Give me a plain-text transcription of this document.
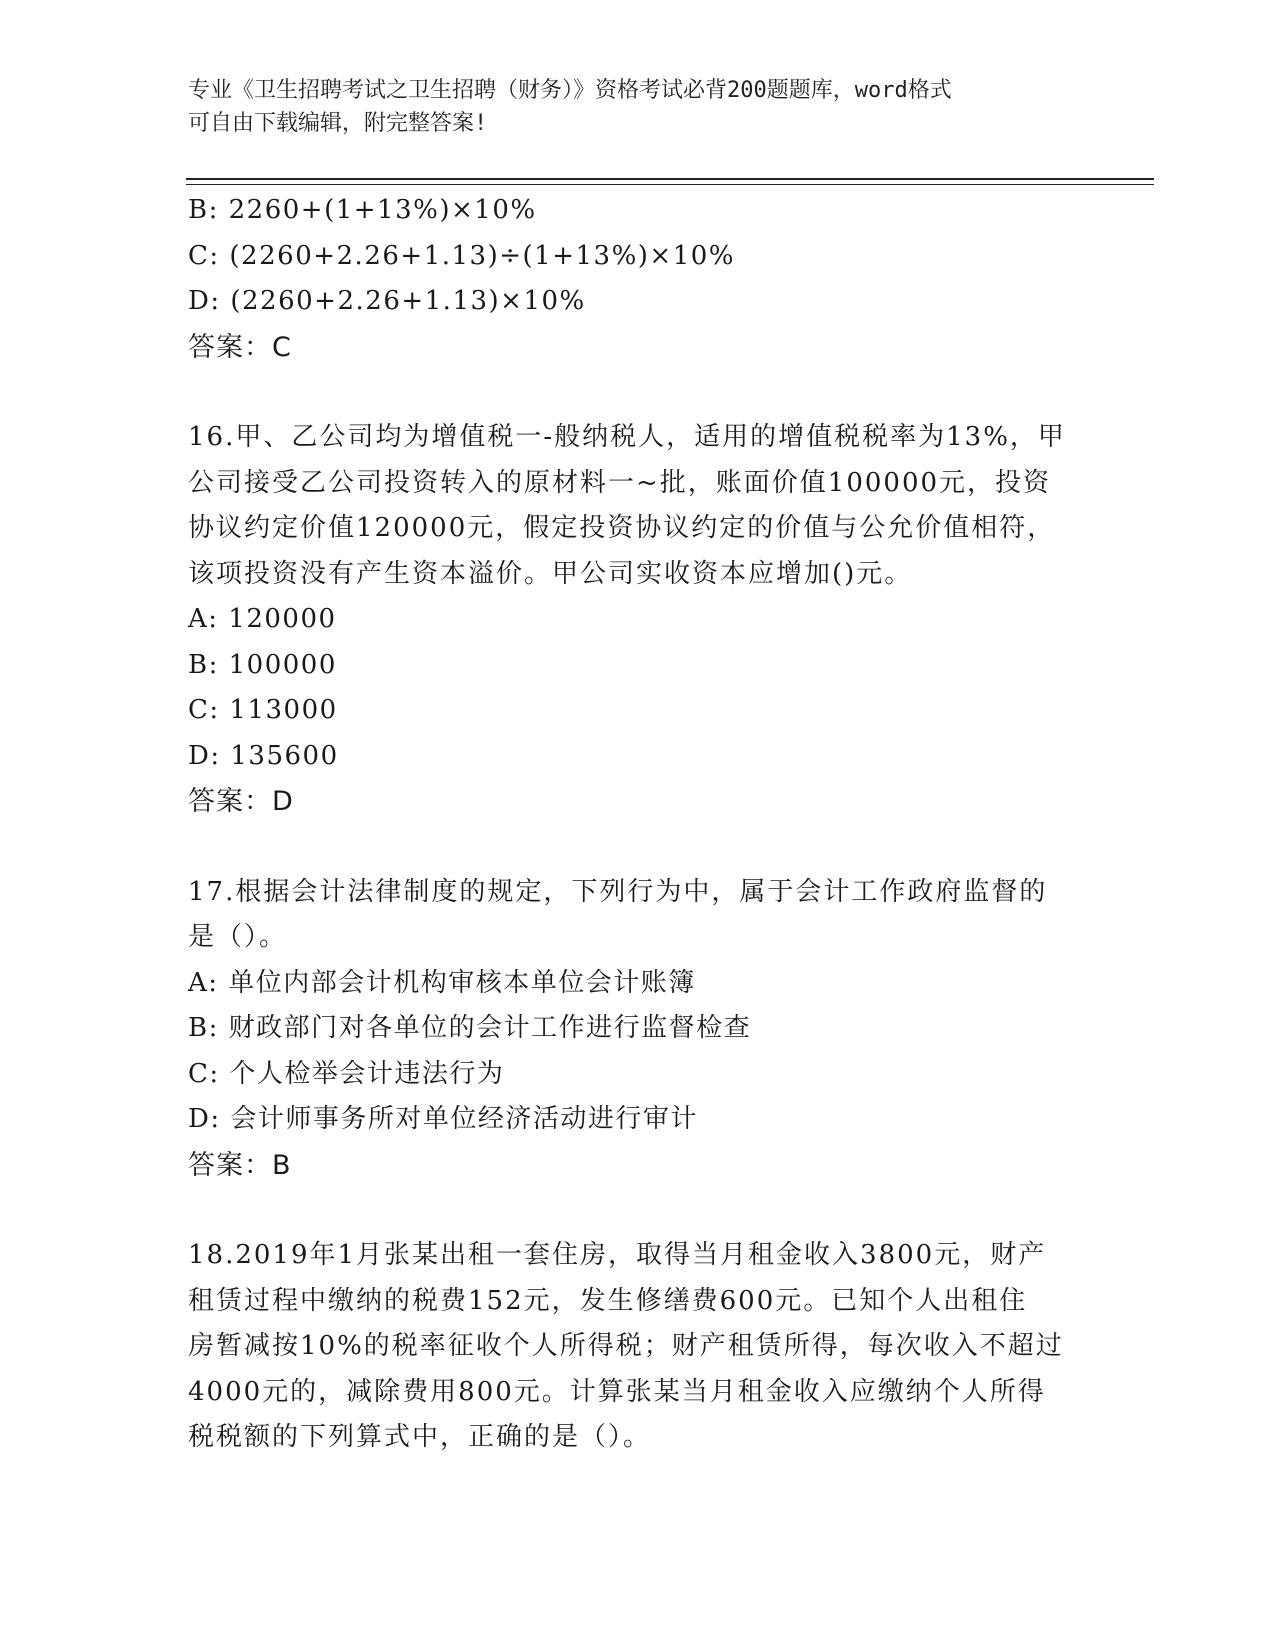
专业《卫生招聘考试之卫生招聘（财务）》资格考试必背200题题库，word格式
可自由下载编辑，附完整答案!
B: 2260+(1+13%)×10%
C: (2260+2.26+1.13)÷(1+13%)×10%
D: (2260+2.26+1.13)×10%
答案：C
16.甲、乙公司均为增值税一-般纳税人，适用的增值税税率为13%，甲
公司接受乙公司投资转入的原材料一~批，账面价值100000元，投资
协议约定价值120000元，假定投资协议约定的价值与公允价值相符，
该项投资没有产生资本溢价。甲公司实收资本应增加()元。
A: 120000
B: 100000
C: 113000
D: 135600
答案：D
17.根据会计法律制度的规定，下列行为中，属于会计工作政府监督的
是（）。
A: 单位内部会计机构审核本单位会计账簿
B: 财政部门对各单位的会计工作进行监督检查
C: 个人检举会计违法行为
D: 会计师事务所对单位经济活动进行审计
答案：B
18.2019年1月张某出租一套住房，取得当月租金收入3800元，财产
租赁过程中缴纳的税费152元，发生修缮费600元。已知个人出租住
房暂减按10%的税率征收个人所得税；财产租赁所得，每次收入不超过
4000元的，减除费用800元。计算张某当月租金收入应缴纳个人所得
税税额的下列算式中，正确的是（）。
